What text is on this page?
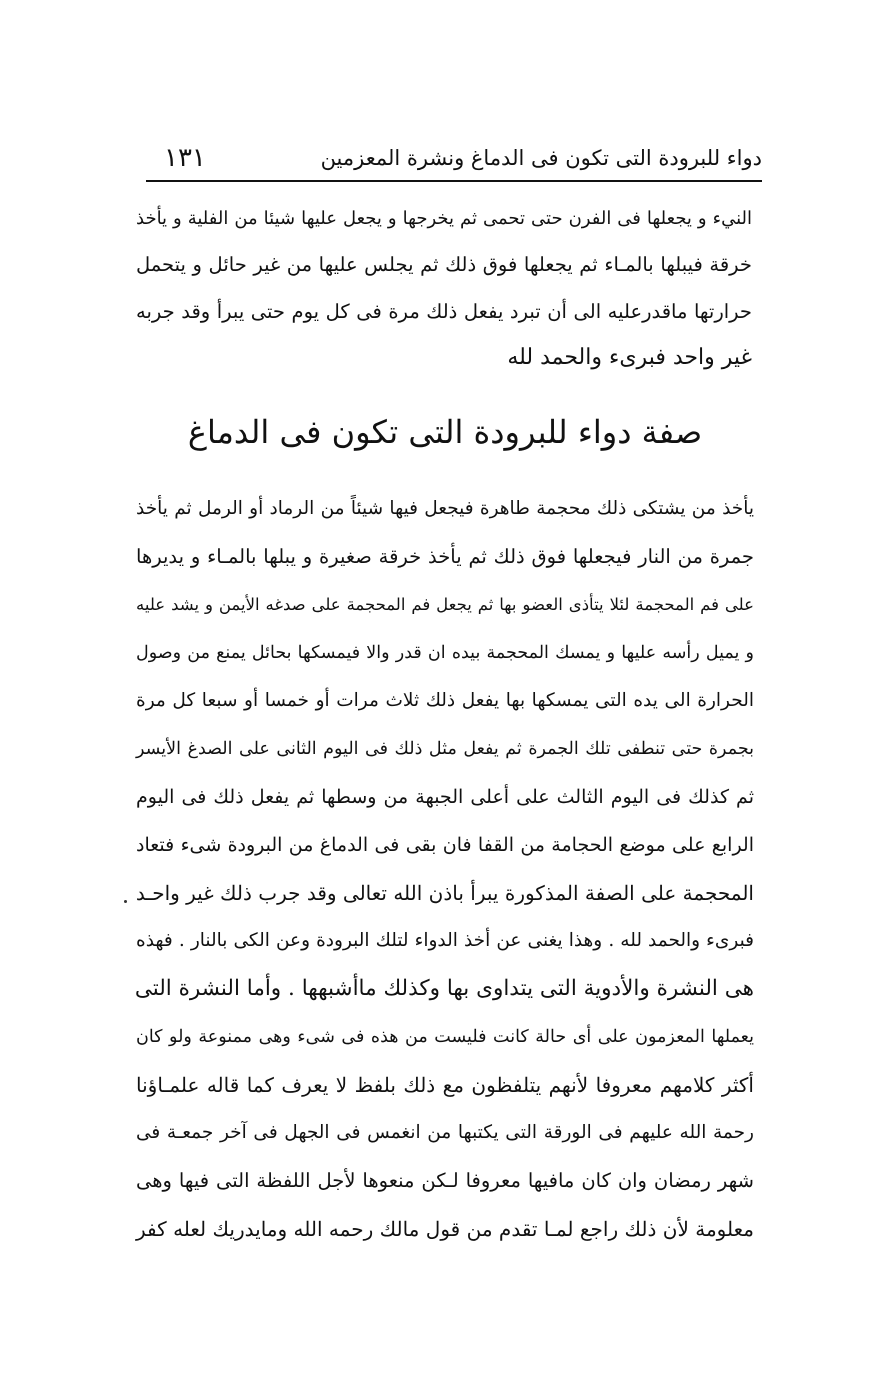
١٣١	دواء للبرودة التى تكون فى الدماغ ونشرة المعزمين
الني‌ء و يجعلها فى الفرن حتى تحمى ثم يخرجها و يجعل عليها شيئا من الفلية و يأخذ
خرقة فيبلها بالمـاء ثم يجعلها فوق ذلك ثم يجلس عليها من غير حائل و يتحمل
حرارتها ماقدرعليه الى أن تبرد يفعل ذلك مرة فى كل يوم حتى يبرأ وقد جربه
غير واحد فبرىء والحمد لله
صفة دواء للبرودة التى تكون فى الدماغ
يأخذ من يشتكى ذلك محجمة طاهرة فيجعل فيها شيئاً من الرماد أو الرمل ثم يأخذ
جمرة من النار فيجعلها فوق ذلك ثم يأخذ خرقة صغيرة و يبلها بالمـاء و يديرها
على فم المحجمة لئلا يتأذى العضو بها ثم يجعل فم المحجمة على صدغه الأيمن و يشد عليه
و يميل رأسه عليها و يمسك المحجمة بيده ان قدر والا فيمسكها بحائل يمنع من وصول
الحرارة الى يده التى يمسكها بها يفعل ذلك ثلاث مرات أو خمسا أو سبعا كل مرة
بجمرة حتى تنطفى تلك الجمرة ثم يفعل مثل ذلك فى اليوم الثانى على الصدغ الأيسر
ثم كذلك فى اليوم الثالث على أعلى الجبهة من وسطها ثم يفعل ذلك فى اليوم
الرابع على موضع الحجامة من القفا فان بقى فى الدماغ من البرودة شىء فتعاد
المحجمة على الصفة المذكورة يبرأ باذن الله تعالى وقد جرب ذلك غير واحـد
فبرىء والحمد لله . وهذا يغنى عن أخذ الدواء لتلك البرودة وعن الكى بالنار . فهذه
هى النشرة والأدوية التى يتداوى بها وكذلك ماأشبهها . وأما النشرة التى
يعملها المعزمون على أى حالة كانت فليست من هذه فى شىء وهى ممنوعة ولو كان
أكثر كلامهم معروفا لأنهم يتلفظون مع ذلك بلفظ لا يعرف كما قاله علمـاؤنا
رحمة الله عليهم فى الورقة التى يكتبها من انغمس فى الجهل فى آخر جمعـة فى
شهر رمضان وان كان مافيها معروفا لـكن منعوها لأجل اللفظة التى فيها وهى
معلومة لأن ذلك راجع لمـا تقدم من قول مالك رحمه الله ومايدريك لعله كفر
